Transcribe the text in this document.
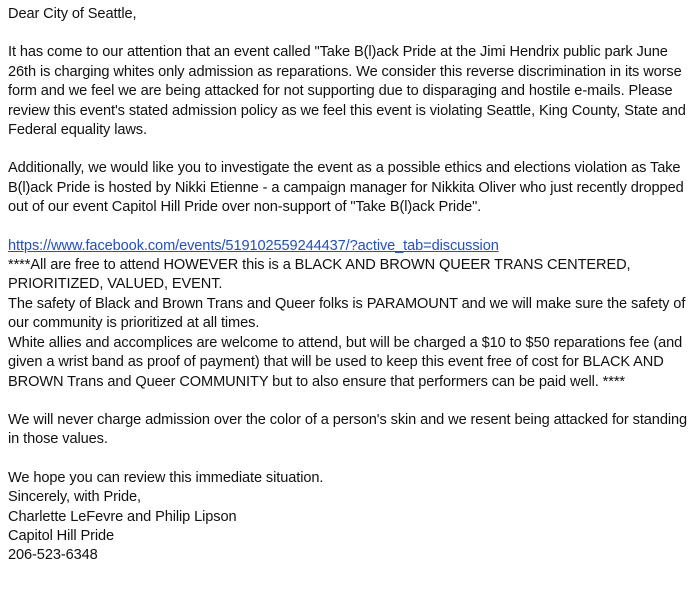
Dear City of Seattle,

It has come to our attention that an event called "Take B(l)ack Pride at the Jimi Hendrix public park June 26th is charging whites only admission as reparations. We consider this reverse discrimination in its worse form and we feel we are being attacked for not supporting due to disparaging and hostile e-mails. Please review this event's stated admission policy as we feel this event is violating Seattle, King County, State and Federal equality laws.

Additionally, we would like you to investigate the event as a possible ethics and elections violation as Take B(l)ack Pride is hosted by Nikki Etienne - a campaign manager for Nikkita Oliver who just recently dropped out of our event Capitol Hill Pride over non-support of "Take B(l)ack Pride".

https://www.facebook.com/events/519102559244437/?active_tab=discussion

****All are free to attend HOWEVER this is a BLACK AND BROWN QUEER TRANS CENTERED, PRIORITIZED, VALUED, EVENT.

The safety of Black and Brown Trans and Queer folks is PARAMOUNT and we will make sure the safety of our community is prioritized at all times.

White allies and accomplices are welcome to attend, but will be charged a $10 to $50 reparations fee (and given a wrist band as proof of payment) that will be used to keep this event free of cost for BLACK AND BROWN Trans and Queer COMMUNITY but to also ensure that performers can be paid well. ****

We will never charge admission over the color of a person's skin and we resent being attacked for standing in those values.

We hope you can review this immediate situation.

Sincerely, with Pride,

Charlette LeFevre and Philip Lipson

Capitol Hill Pride

206-523-6348
